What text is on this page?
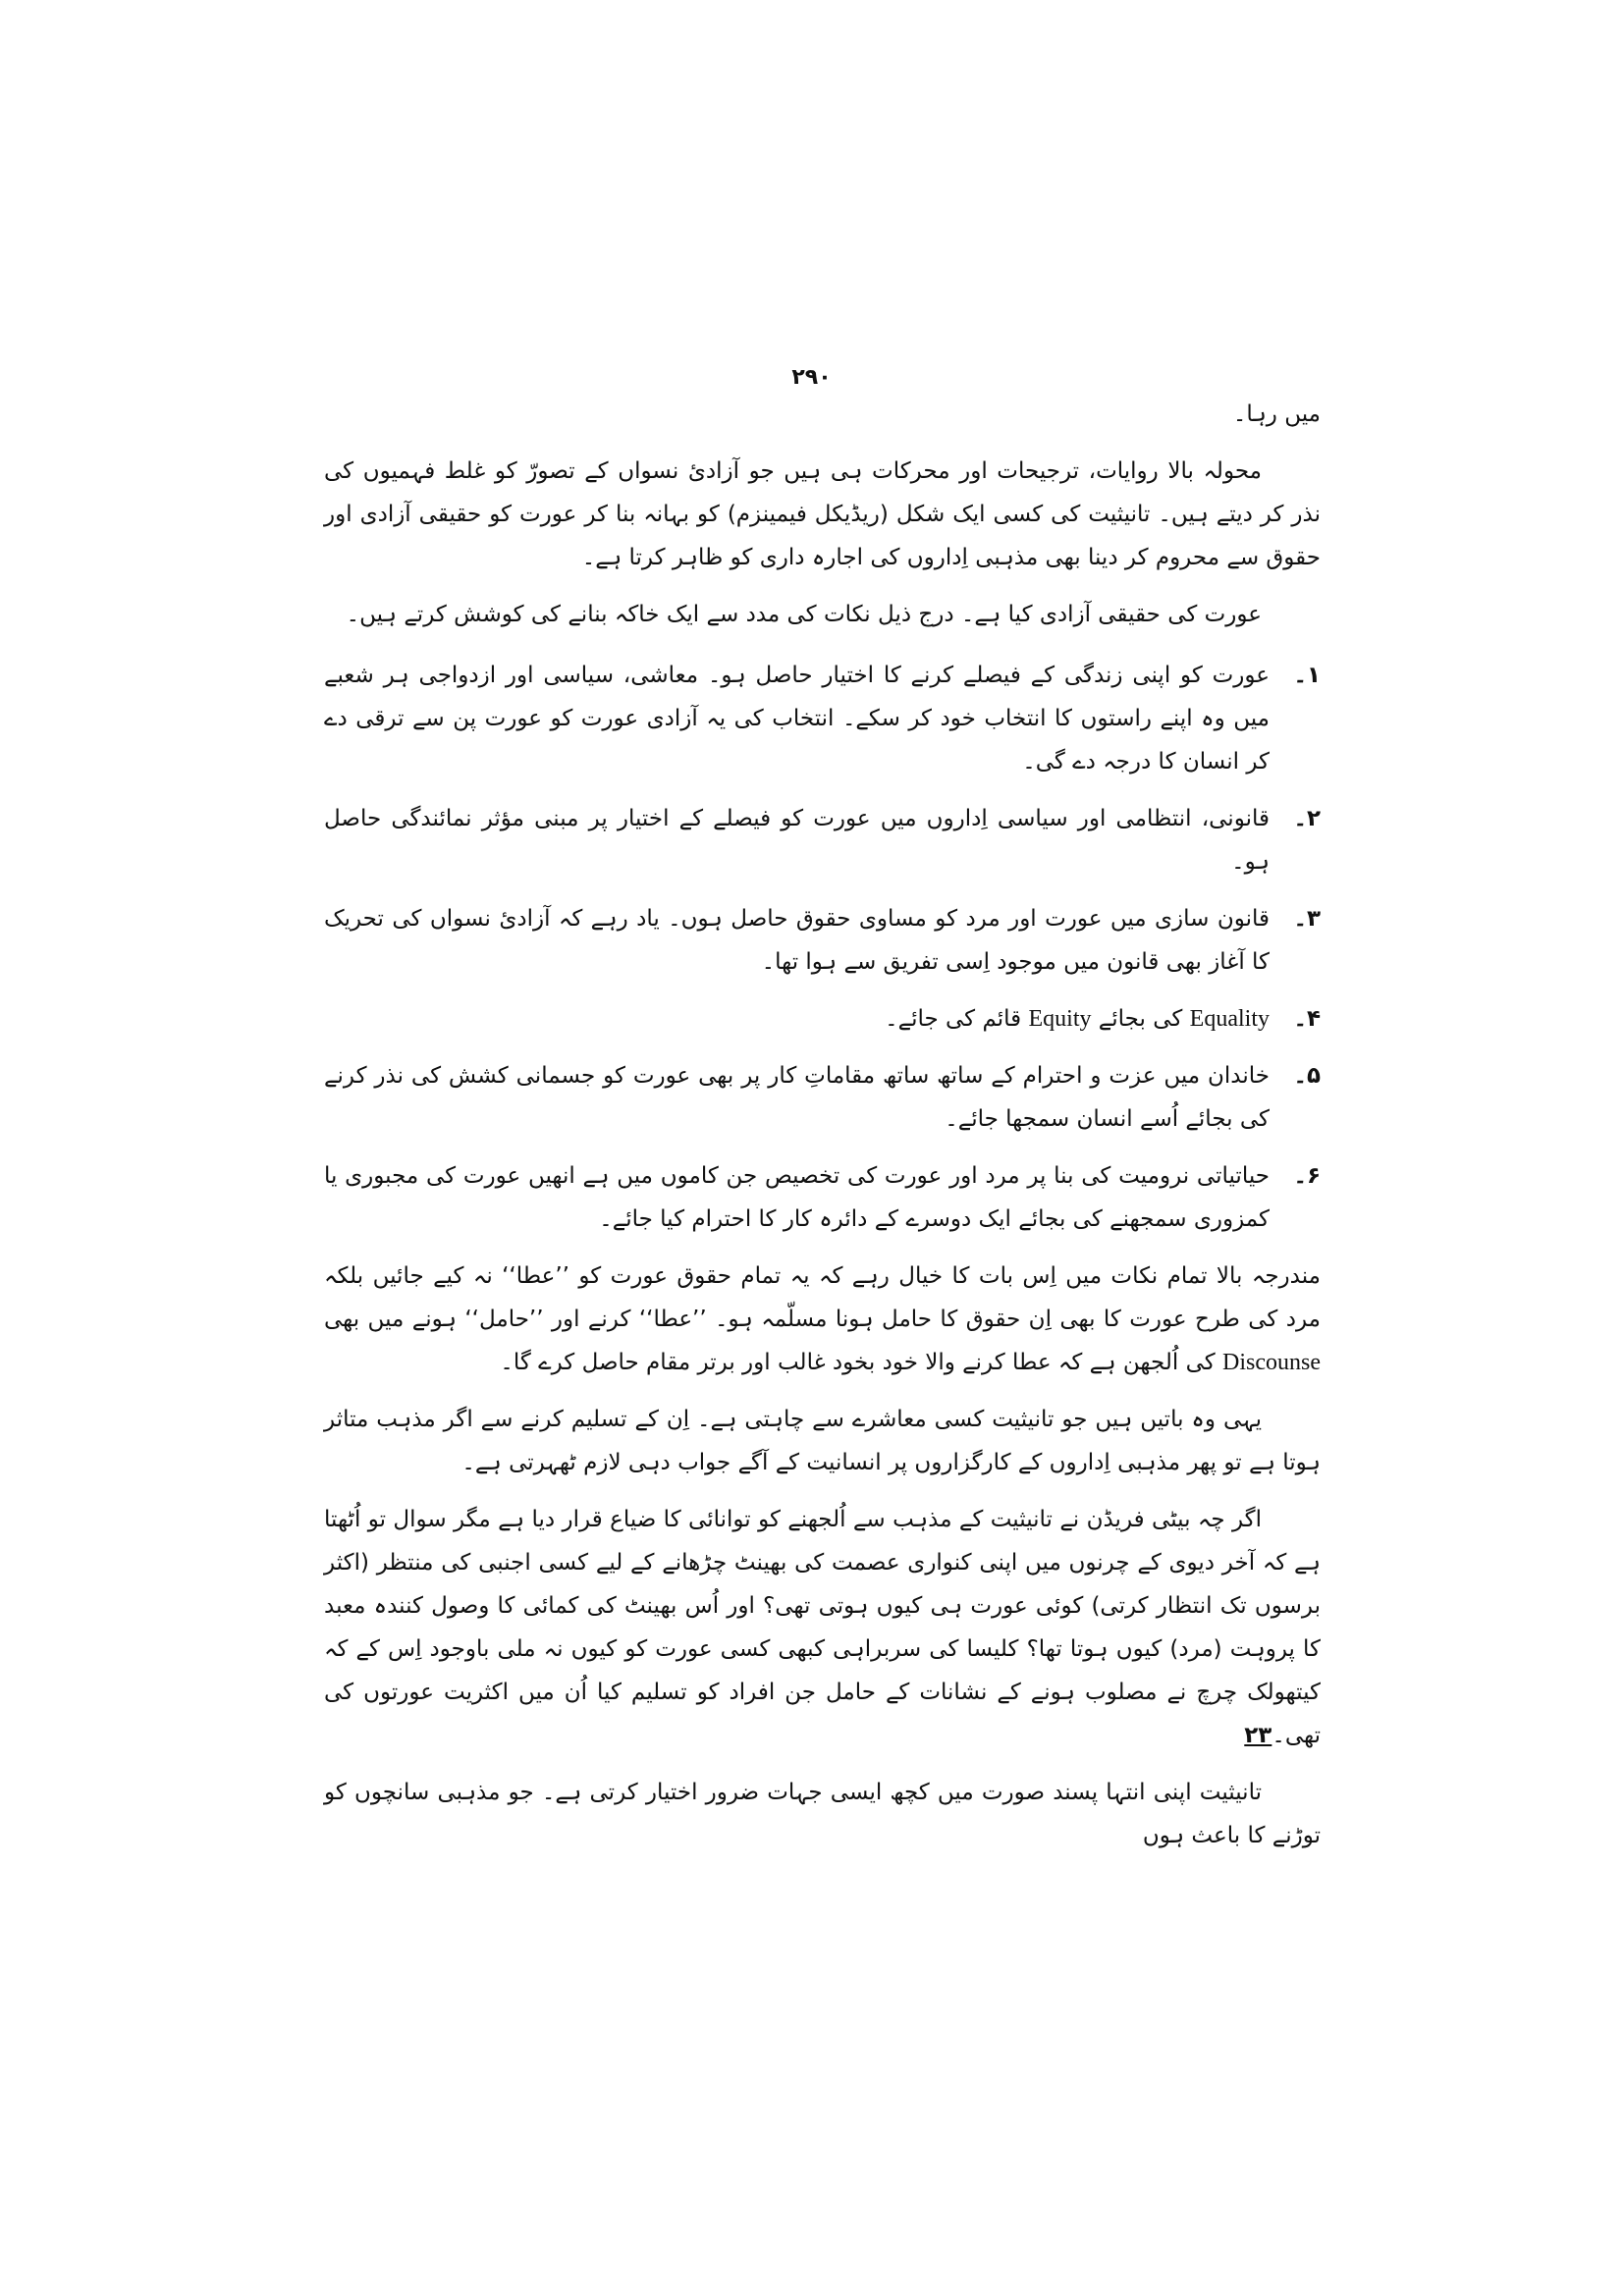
۲۹۰

میں رہا۔

محولہ بالا روایات، ترجیحات اور محرکات ہی ہیں جو آزادیٔ نسواں کے تصورّ کو غلط فہمیوں کی نذر کر دیتے ہیں۔ تانیثیت کی کسی ایک شکل (ریڈیکل فیمینزم) کو بہانہ بنا کر عورت کو حقیقی آزادی اور حقوق سے محروم کر دینا بھی مذہبی اِداروں کی اجارہ داری کو ظاہر کرتا ہے۔

عورت کی حقیقی آزادی کیا ہے۔ درج ذیل نکات کی مدد سے ایک خاکہ بنانے کی کوشش کرتے ہیں۔

۱۔
عورت کو اپنی زندگی کے فیصلے کرنے کا اختیار حاصل ہو۔ معاشی، سیاسی اور ازدواجی ہر شعبے میں وہ اپنے راستوں کا انتخاب خود کر سکے۔ انتخاب کی یہ آزادی عورت کو عورت پن سے ترقی دے کر انسان کا درجہ دے گی۔
۲۔
قانونی، انتظامی اور سیاسی اِداروں میں عورت کو فیصلے کے اختیار پر مبنی مؤثر نمائندگی حاصل ہو۔
۳۔
قانون سازی میں عورت اور مرد کو مساوی حقوق حاصل ہوں۔ یاد رہے کہ آزادیٔ نسواں کی تحریک کا آغاز بھی قانون میں موجود اِسی تفریق سے ہوا تھا۔
۴۔
Equality کی بجائے Equity قائم کی جائے۔
۵۔
خاندان میں عزت و احترام کے ساتھ ساتھ مقاماتِ کار پر بھی عورت کو جسمانی کشش کی نذر کرنے کی بجائے اُسے انسان سمجھا جائے۔
۶۔
حیاتیاتی نرومیت کی بنا پر مرد اور عورت کی تخصیص جن کاموں میں ہے انھیں عورت کی مجبوری یا کمزوری سمجھنے کی بجائے ایک دوسرے کے دائرہ کار کا احترام کیا جائے۔

مندرجہ بالا تمام نکات میں اِس بات کا خیال رہے کہ یہ تمام حقوق عورت کو ’’عطا‘‘ نہ کیے جائیں بلکہ مرد کی طرح عورت کا بھی اِن حقوق کا حامل ہونا مسلّمہ ہو۔ ’’عطا‘‘ کرنے اور ’’حامل‘‘ ہونے میں بھی Discounse کی اُلجھن ہے کہ عطا کرنے والا خود بخود غالب اور برتر مقام حاصل کرے گا۔

یہی وہ باتیں ہیں جو تانیثیت کسی معاشرے سے چاہتی ہے۔ اِن کے تسلیم کرنے سے اگر مذہب متاثر ہوتا ہے تو پھر مذہبی اِداروں کے کارگزاروں پر انسانیت کے آگے جواب دہی لازم ٹھہرتی ہے۔

اگر چہ بیٹی فریڈن نے تانیثیت کے مذہب سے اُلجھنے کو توانائی کا ضیاع قرار دیا ہے مگر سوال تو اُٹھتا ہے کہ آخر دیوی کے چرنوں میں اپنی کنواری عصمت کی بھینٹ چڑھانے کے لیے کسی اجنبی کی منتظر (اکثر برسوں تک انتظار کرتی) کوئی عورت ہی کیوں ہوتی تھی؟ اور اُس بھینٹ کی کمائی کا وصول کنندہ معبد کا پروہت (مرد) کیوں ہوتا تھا؟ کلیسا کی سربراہی کبھی کسی عورت کو کیوں نہ ملی باوجود اِس کے کہ کیتھولک چرچ نے مصلوب ہونے کے نشانات کے حامل جن افراد کو تسلیم کیا اُن میں اکثریت عورتوں کی تھی۔۲۳

تانیثیت اپنی انتہا پسند صورت میں کچھ ایسی جہات ضرور اختیار کرتی ہے۔ جو مذہبی سانچوں کو توڑنے کا باعث ہوں
